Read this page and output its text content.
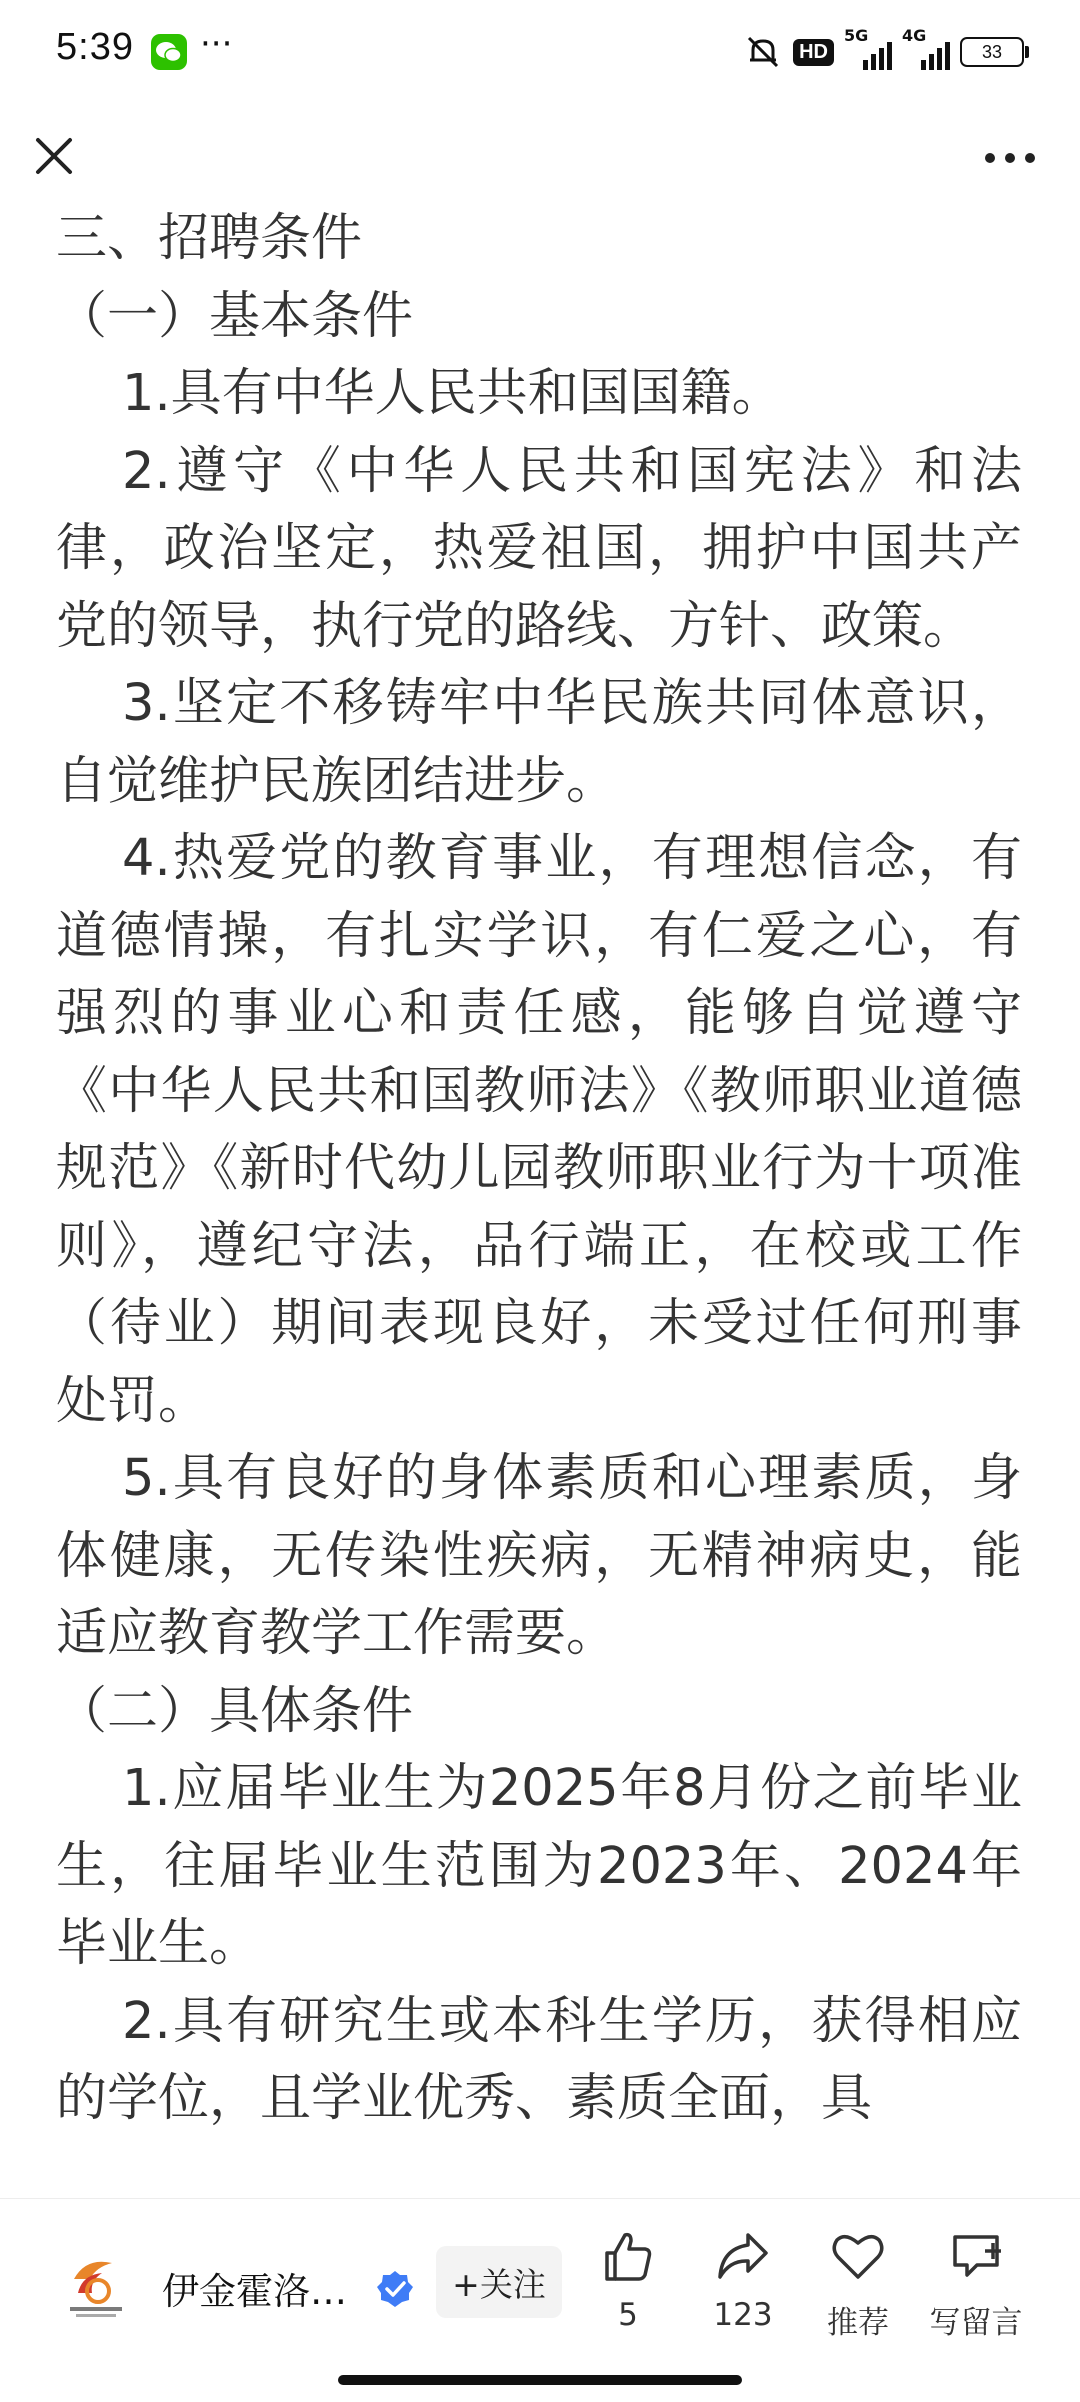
5:39 ···	HD
5G 4G
33

三、招聘条件

（一）基本条件

1.具有中华人民共和国国籍。

2.遵守《中华人民共和国宪法》和法律，政治坚定，热爱祖国，拥护中国共产党的领导，执行党的路线、方针、政策。

3.坚定不移铸牢中华民族共同体意识，自觉维护民族团结进步。

4.热爱党的教育事业，有理想信念，有道德情操，有扎实学识，有仁爱之心，有强烈的事业心和责任感，能够自觉遵守《中华人民共和国教师法》《教师职业道德规范》《新时代幼儿园教师职业行为十项准则》，遵纪守法，品行端正，在校或工作（待业）期间表现良好，未受过任何刑事处罚。

5.具有良好的身体素质和心理素质，身体健康，无传染性疾病，无精神病史，能适应教育教学工作需要。

（二）具体条件

1.应届毕业生为2025年8月份之前毕业生，往届毕业生范围为2023年、2024年毕业生。

2.具有研究生或本科生学历，获得相应的学位，且学业优秀、素质全面，具

伊金霍洛…	+关注
5	123	推荐	写留言
